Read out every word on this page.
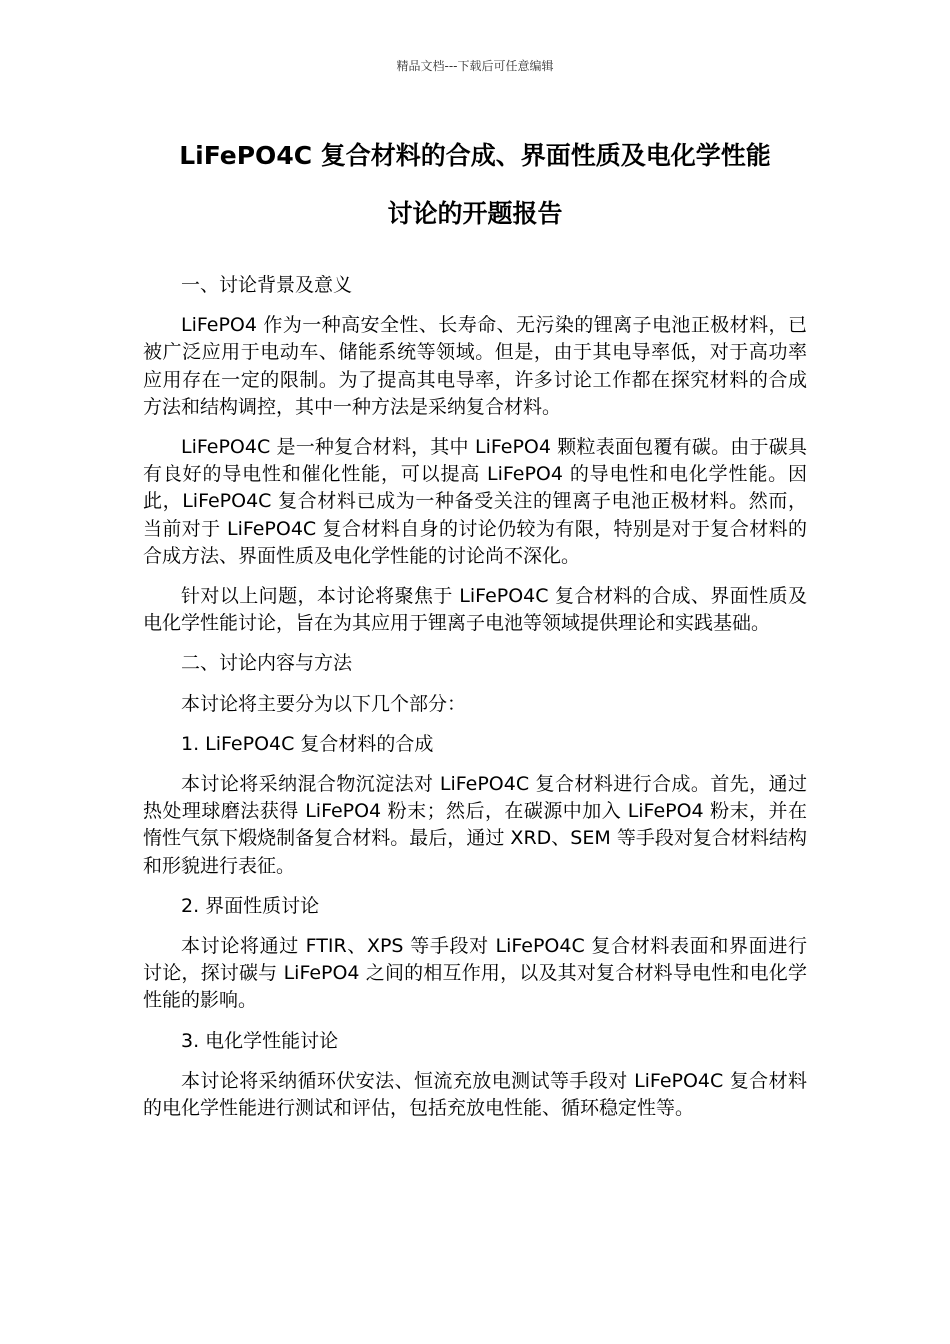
精品文档---下载后可任意编辑
LiFePO4C 复合材料的合成、界面性质及电化学性能
讨论的开题报告

一、讨论背景及意义

LiFePO4 作为一种高安全性、长寿命、无污染的锂离子电池正极材料，已被广泛应用于电动车、储能系统等领域。但是，由于其电导率低，对于高功率应用存在一定的限制。为了提高其电导率，许多讨论工作都在探究材料的合成方法和结构调控，其中一种方法是采纳复合材料。

LiFePO4C 是一种复合材料，其中 LiFePO4 颗粒表面包覆有碳。由于碳具有良好的导电性和催化性能，可以提高 LiFePO4 的导电性和电化学性能。因此，LiFePO4C 复合材料已成为一种备受关注的锂离子电池正极材料。然而，当前对于 LiFePO4C 复合材料自身的讨论仍较为有限，特别是对于复合材料的合成方法、界面性质及电化学性能的讨论尚不深化。

针对以上问题，本讨论将聚焦于 LiFePO4C 复合材料的合成、界面性质及电化学性能讨论，旨在为其应用于锂离子电池等领域提供理论和实践基础。

二、讨论内容与方法

本讨论将主要分为以下几个部分：

1. LiFePO4C 复合材料的合成

本讨论将采纳混合物沉淀法对 LiFePO4C 复合材料进行合成。首先，通过热处理球磨法获得 LiFePO4 粉末；然后，在碳源中加入 LiFePO4 粉末，并在惰性气氛下煅烧制备复合材料。最后，通过 XRD、SEM 等手段对复合材料结构和形貌进行表征。

2. 界面性质讨论

本讨论将通过 FTIR、XPS 等手段对 LiFePO4C 复合材料表面和界面进行讨论，探讨碳与 LiFePO4 之间的相互作用，以及其对复合材料导电性和电化学性能的影响。

3. 电化学性能讨论

本讨论将采纳循环伏安法、恒流充放电测试等手段对 LiFePO4C 复合材料的电化学性能进行测试和评估，包括充放电性能、循环稳定性等。
